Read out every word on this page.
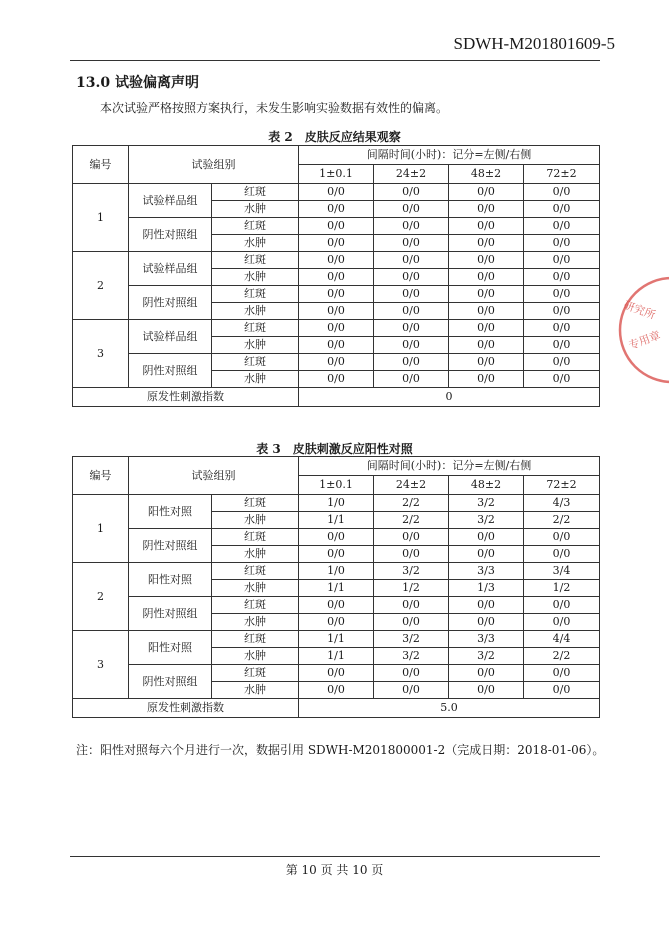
SDWH-M201801609-5
13.0 试验偏离声明
本次试验严格按照方案执行，未发生影响实验数据有效性的偏离。
表 2　皮肤反应结果观察
编号	试验组别		间隔时间(小时)：记分=左侧/右侧			
			1±0.1	24±2	48±2	72±2
1	试验样品组	红斑	0/0	0/0	0/0	0/0
		水肿	0/0	0/0	0/0	0/0
	阴性对照组	红斑	0/0	0/0	0/0	0/0
		水肿	0/0	0/0	0/0	0/0
2	试验样品组	红斑	0/0	0/0	0/0	0/0
		水肿	0/0	0/0	0/0	0/0
	阴性对照组	红斑	0/0	0/0	0/0	0/0
		水肿	0/0	0/0	0/0	0/0
3	试验样品组	红斑	0/0	0/0	0/0	0/0
		水肿	0/0	0/0	0/0	0/0
	阴性对照组	红斑	0/0	0/0	0/0	0/0
		水肿	0/0	0/0	0/0	0/0
原发性刺激指数			0			
表 3　皮肤刺激反应阳性对照
编号	试验组别		间隔时间(小时)：记分=左侧/右侧			
			1±0.1	24±2	48±2	72±2
1	阳性对照	红斑	1/0	2/2	3/2	4/3
		水肿	1/1	2/2	3/2	2/2
	阴性对照组	红斑	0/0	0/0	0/0	0/0
		水肿	0/0	0/0	0/0	0/0
2	阳性对照	红斑	1/0	3/2	3/3	3/4
		水肿	1/1	1/2	1/3	1/2
	阴性对照组	红斑	0/0	0/0	0/0	0/0
		水肿	0/0	0/0	0/0	0/0
3	阳性对照	红斑	1/1	3/2	3/3	4/4
		水肿	1/1	3/2	3/2	2/2
	阴性对照组	红斑	0/0	0/0	0/0	0/0
		水肿	0/0	0/0	0/0	0/0
原发性刺激指数			5.0			
注：阳性对照每六个月进行一次，数据引用 SDWH-M201800001-2（完成日期：2018-01-06）。
第 10 页 共 10 页
研究所
专用章
